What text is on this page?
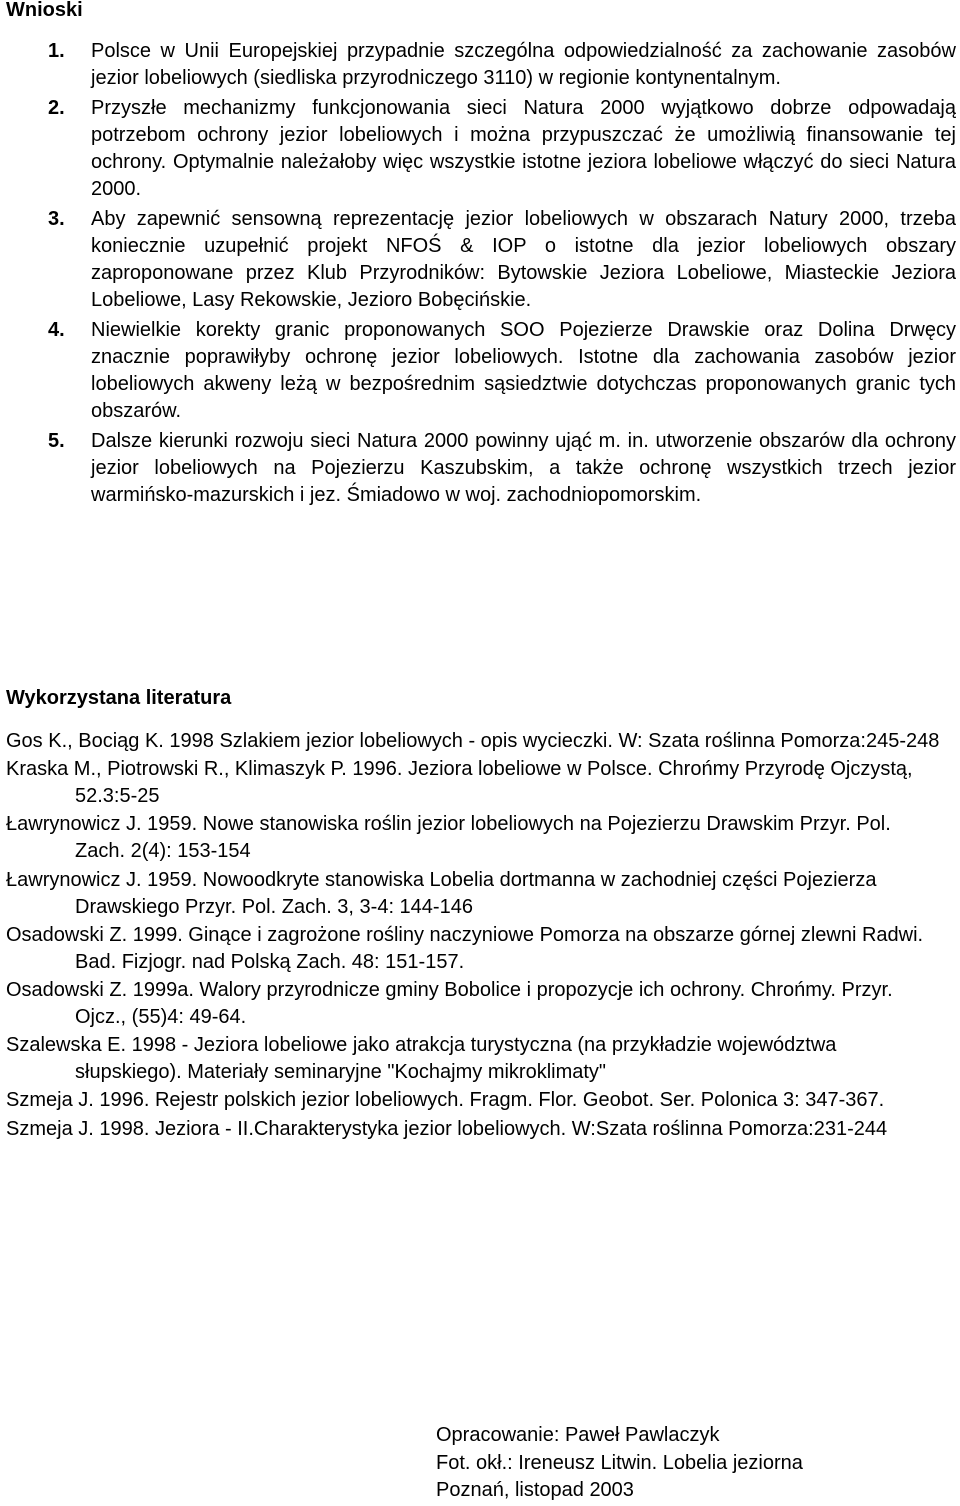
Wnioski
1. Polsce w Unii Europejskiej przypadnie szczególna odpowiedzialność za zachowanie zasobów jezior lobeliowych (siedliska przyrodniczego 3110) w regionie kontynentalnym.
2. Przyszłe mechanizmy funkcjonowania sieci Natura 2000 wyjątkowo dobrze odpowadają potrzebom ochrony jezior lobeliowych i można przypuszczać że umożliwią finansowanie tej ochrony. Optymalnie należałoby więc wszystkie istotne jeziora lobeliowe włączyć do sieci Natura 2000.
3. Aby zapewnić sensowną reprezentację jezior lobeliowych w obszarach Natury 2000, trzeba koniecznie uzupełnić projekt NFOŚ & IOP o istotne dla jezior lobeliowych obszary zaproponowane przez Klub Przyrodników: Bytowskie Jeziora Lobeliowe, Miasteckie Jeziora Lobeliowe, Lasy Rekowskie, Jezioro Bobęcińskie.
4. Niewielkie korekty granic proponowanych SOO Pojezierze Drawskie oraz Dolina Drwęcy znacznie poprawiłyby ochronę jezior lobeliowych. Istotne dla zachowania zasobów jezior lobeliowych akweny leżą w bezpośrednim sąsiedztwie dotychczas proponowanych granic tych obszarów.
5. Dalsze kierunki rozwoju sieci Natura 2000 powinny ująć m. in. utworzenie obszarów dla ochrony jezior lobeliowych na Pojezierzu Kaszubskim, a także ochronę wszystkich trzech jezior warmińsko-mazurskich i jez. Śmiadowo w woj. zachodniopomorskim.
Wykorzystana literatura
Gos K., Bociąg K. 1998 Szlakiem jezior lobeliowych - opis wycieczki. W: Szata roślinna Pomorza:245-248
Kraska M., Piotrowski R., Klimaszyk P. 1996. Jeziora lobeliowe w Polsce. Chrońmy Przyrodę Ojczystą, 52.3:5-25
Ławrynowicz J. 1959. Nowe stanowiska roślin jezior lobeliowych na Pojezierzu Drawskim Przyr. Pol. Zach. 2(4): 153-154
Ławrynowicz J. 1959. Nowoodkryte stanowiska Lobelia dortmanna w zachodniej części Pojezierza Drawskiego Przyr. Pol. Zach. 3, 3-4: 144-146
Osadowski Z. 1999. Ginące i zagrożone rośliny naczyniowe Pomorza na obszarze górnej zlewni Radwi. Bad. Fizjogr. nad Polską Zach. 48: 151-157.
Osadowski Z. 1999a. Walory przyrodnicze gminy Bobolice i propozycje ich ochrony. Chrońmy. Przyr. Ojcz., (55)4: 49-64.
Szalewska E. 1998 - Jeziora lobeliowe jako atrakcja turystyczna (na przykładzie województwa słupskiego). Materiały seminaryjne "Kochajmy mikroklimaty"
Szmeja J. 1996. Rejestr polskich jezior lobeliowych. Fragm. Flor. Geobot. Ser. Polonica 3: 347-367.
Szmeja J. 1998. Jeziora - II.Charakterystyka jezior lobeliowych. W:Szata roślinna Pomorza:231-244
Opracowanie: Paweł Pawlaczyk
Fot. okł.: Ireneusz Litwin. Lobelia jeziorna
Poznań, listopad 2003
